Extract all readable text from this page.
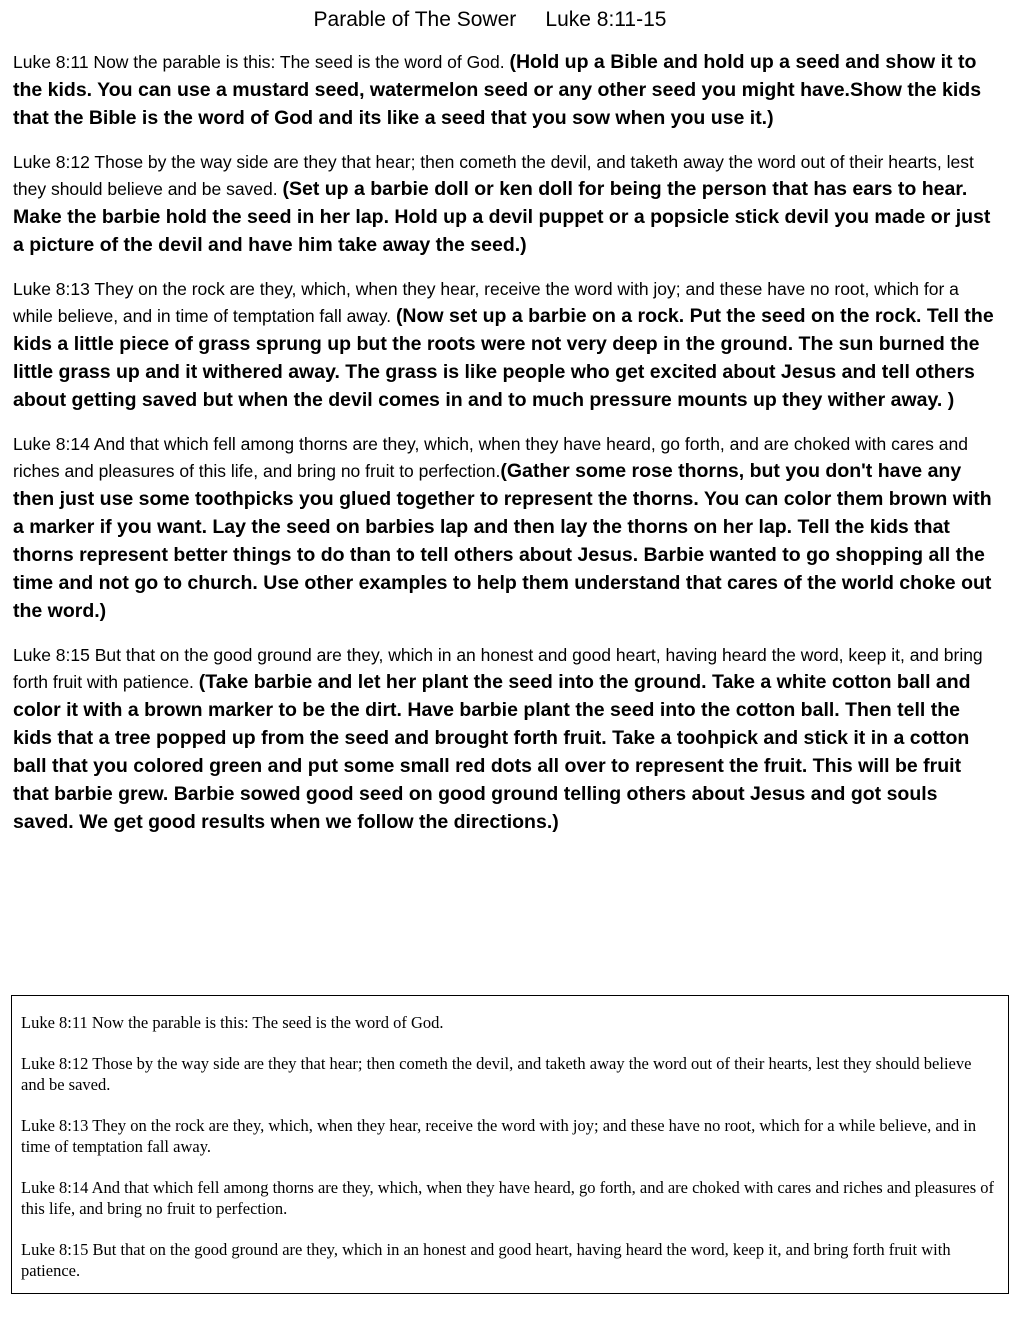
Parable of The Sower     Luke 8:11-15

Luke 8:11 Now the parable is this: The seed is the word of God. (Hold up a Bible and hold up a seed and show it to the kids. You can use a mustard seed, watermelon seed or any other seed you might have.Show the kids that the Bible is the word of God and its like a seed that you sow when you use it.)

Luke 8:12 Those by the way side are they that hear; then cometh the devil, and taketh away the word out of their hearts, lest they should believe and be saved. (Set up a barbie doll or ken doll for being the person that has ears to hear. Make the barbie hold the seed in her lap. Hold up a devil puppet or a popsicle stick devil you made or just a picture of the devil and have him take away the seed.)

Luke 8:13 They on the rock are they, which, when they hear, receive the word with joy; and these have no root, which for a while believe, and in time of temptation fall away. (Now set up a barbie on a rock. Put the seed on the rock. Tell the kids a little piece of grass sprung up but the roots were not very deep in the ground. The sun burned the little grass up and it withered away. The grass is like people who get excited about Jesus and tell others about getting saved but when the devil comes in and to much pressure mounts up they wither away. )

Luke 8:14 And that which fell among thorns are they, which, when they have heard, go forth, and are choked with cares and riches and pleasures of this life, and bring no fruit to perfection.(Gather some rose thorns, but you don't have any then just use some toothpicks you glued together to represent the thorns. You can color them brown with a marker if you want. Lay the seed on barbies lap and then lay the thorns on her lap. Tell the kids that thorns represent better things to do than to tell others about Jesus. Barbie wanted to go shopping all the time and not go to church. Use other examples to help them understand that cares of the world choke out the word.)

Luke 8:15 But that on the good ground are they, which in an honest and good heart, having heard the word, keep it, and bring forth fruit with patience. (Take barbie and let her plant the seed into the ground. Take a white cotton ball and color it with a brown marker to be the dirt. Have barbie plant the seed into the cotton ball. Then tell the kids that a tree popped up from the seed and brought forth fruit. Take a toohpick and stick it in a cotton ball that you colored green and put some small red dots all over to represent the fruit. This will be fruit that barbie grew. Barbie sowed good seed on good ground telling others about Jesus and got souls saved. We get good results when we follow the directions.)

Luke 8:11 Now the parable is this: The seed is the word of God.

Luke 8:12 Those by the way side are they that hear; then cometh the devil, and taketh away the word out of their hearts, lest they should believe and be saved.

Luke 8:13 They on the rock are they, which, when they hear, receive the word with joy; and these have no root, which for a while believe, and in time of temptation fall away.

Luke 8:14 And that which fell among thorns are they, which, when they have heard, go forth, and are choked with cares and riches and pleasures of this life, and bring no fruit to perfection.

Luke 8:15 But that on the good ground are they, which in an honest and good heart, having heard the word, keep it, and bring forth fruit with patience.
